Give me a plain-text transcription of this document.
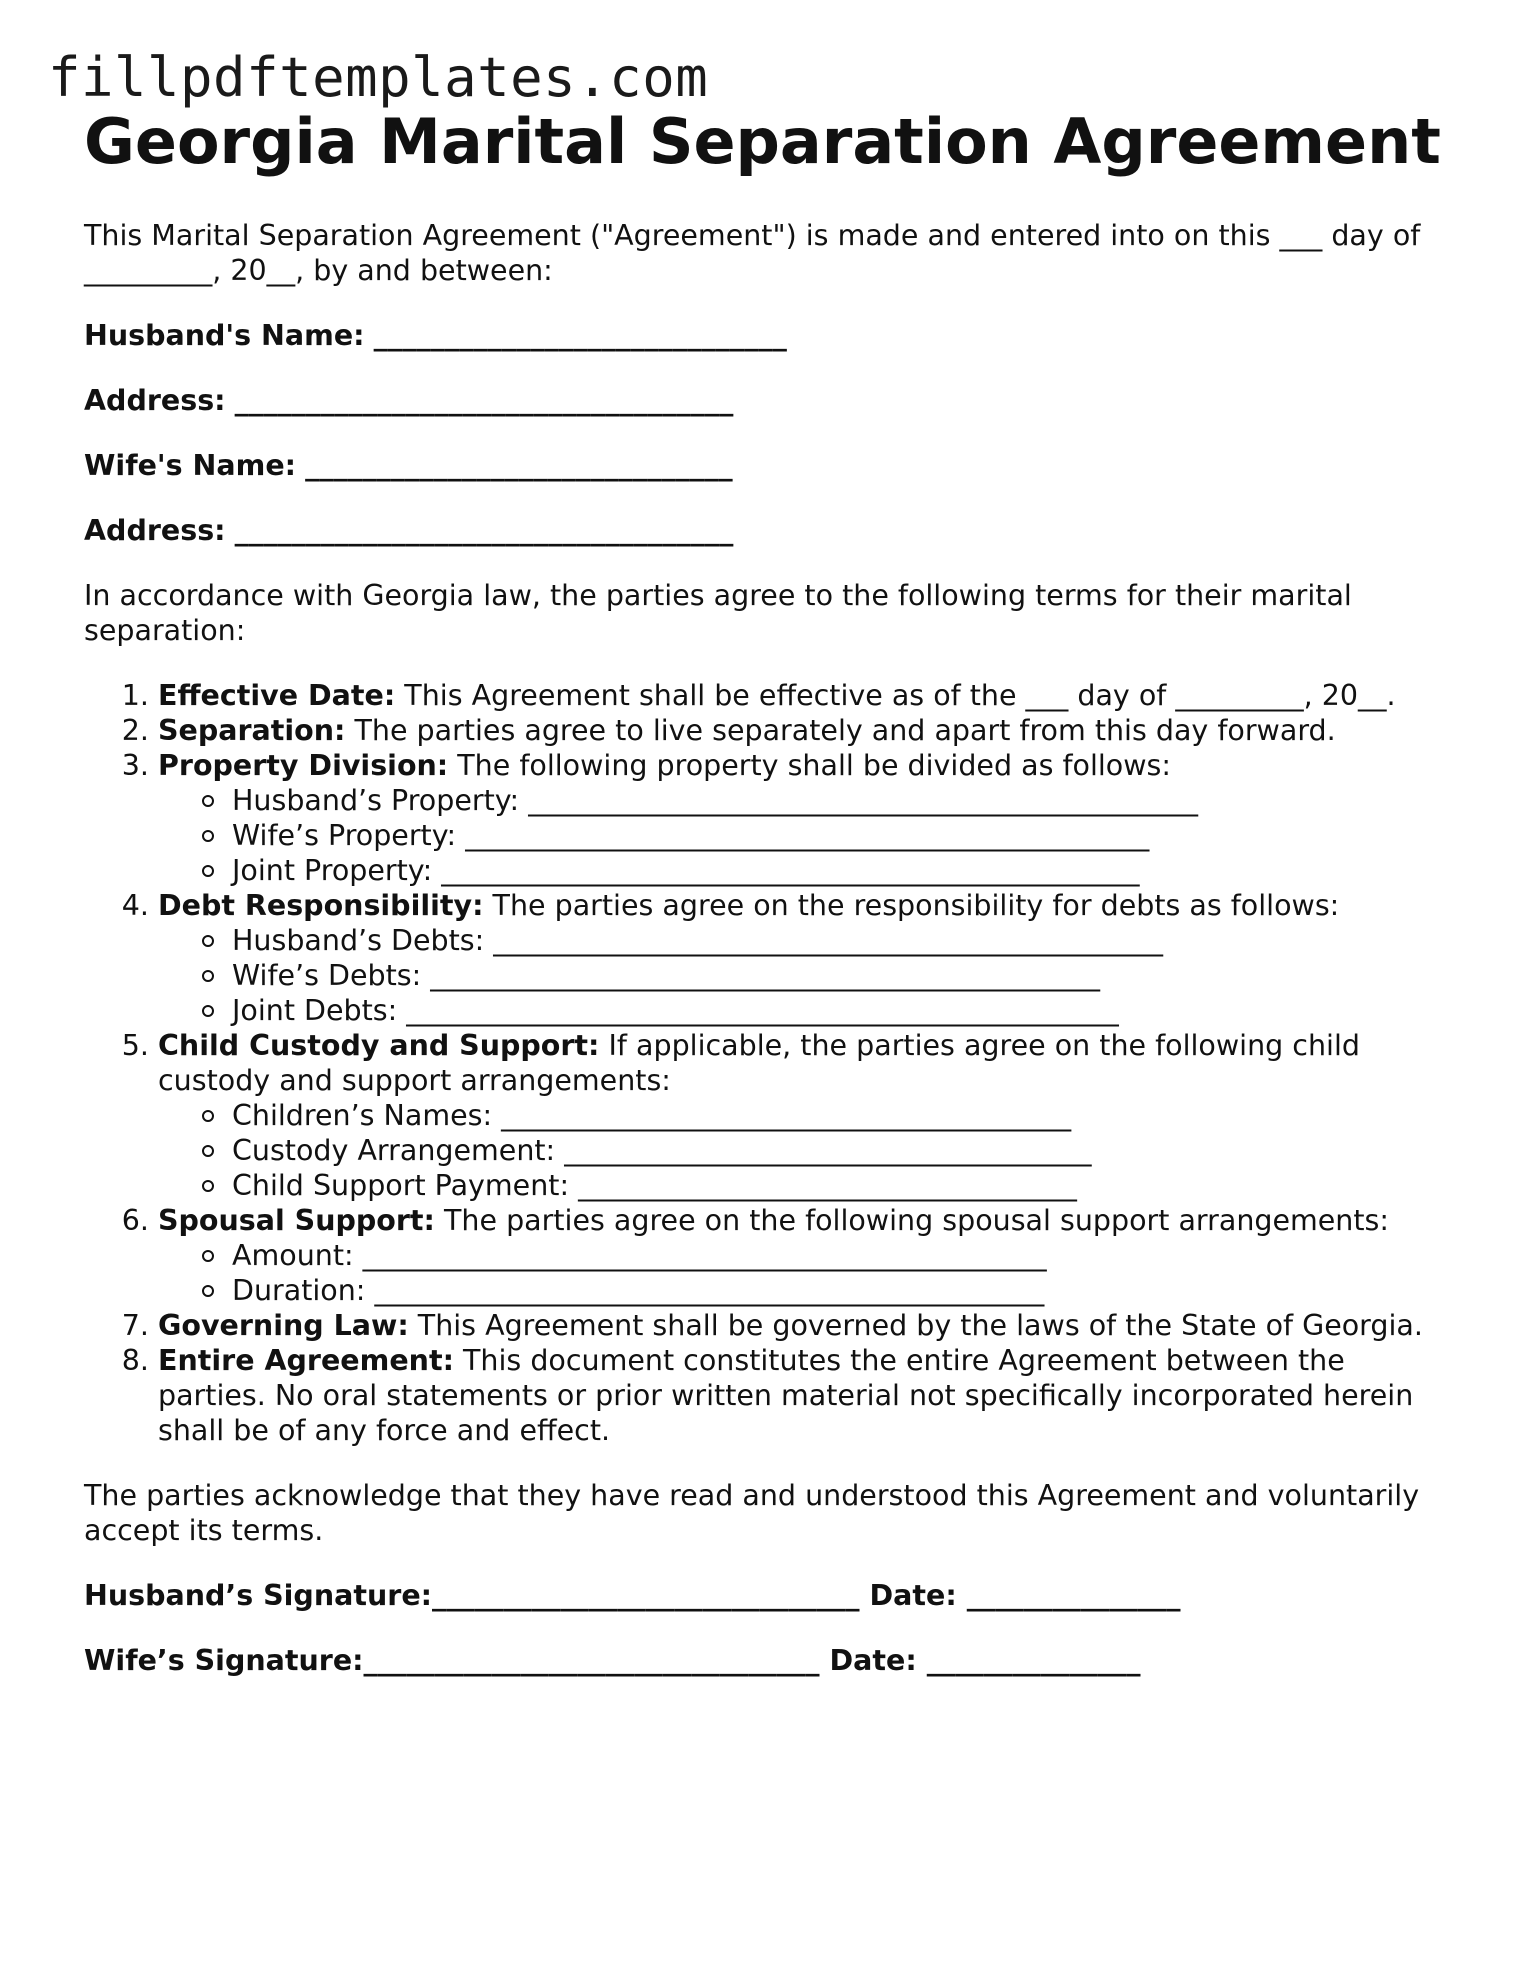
fillpdftemplates.com
Georgia Marital Separation Agreement

This Marital Separation Agreement ("Agreement") is made and entered into on this ___ day of _________, 20__, by and between:

Husband's Name: _____________________________
Address: ___________________________________
Wife's Name: ______________________________
Address: ___________________________________

In accordance with Georgia law, the parties agree to the following terms for their marital separation:

1. Effective Date: This Agreement shall be effective as of the ___ day of _________, 20__.
2. Separation: The parties agree to live separately and apart from this day forward.
3. Property Division: The following property shall be divided as follows:
Husband’s Property: _______________________________________________
Wife’s Property: ________________________________________________
Joint Property: _________________________________________________
4. Debt Responsibility: The parties agree on the responsibility for debts as follows:
Husband’s Debts: _______________________________________________
Wife’s Debts: _______________________________________________
Joint Debts: __________________________________________________
5. Child Custody and Support: If applicable, the parties agree on the following child custody and support arrangements:
Children’s Names: ________________________________________
Custody Arrangement: _____________________________________
Child Support Payment: ___________________________________
6. Spousal Support: The parties agree on the following spousal support arrangements:
Amount: ________________________________________________
Duration: _______________________________________________
7. Governing Law: This Agreement shall be governed by the laws of the State of Georgia.
8. Entire Agreement: This document constitutes the entire Agreement between the parties. No oral statements or prior written material not specifically incorporated herein shall be of any force and effect.

The parties acknowledge that they have read and understood this Agreement and voluntarily accept its terms.

Husband’s Signature:______________________________ Date: _______________
Wife’s Signature:________________________________ Date: _______________
